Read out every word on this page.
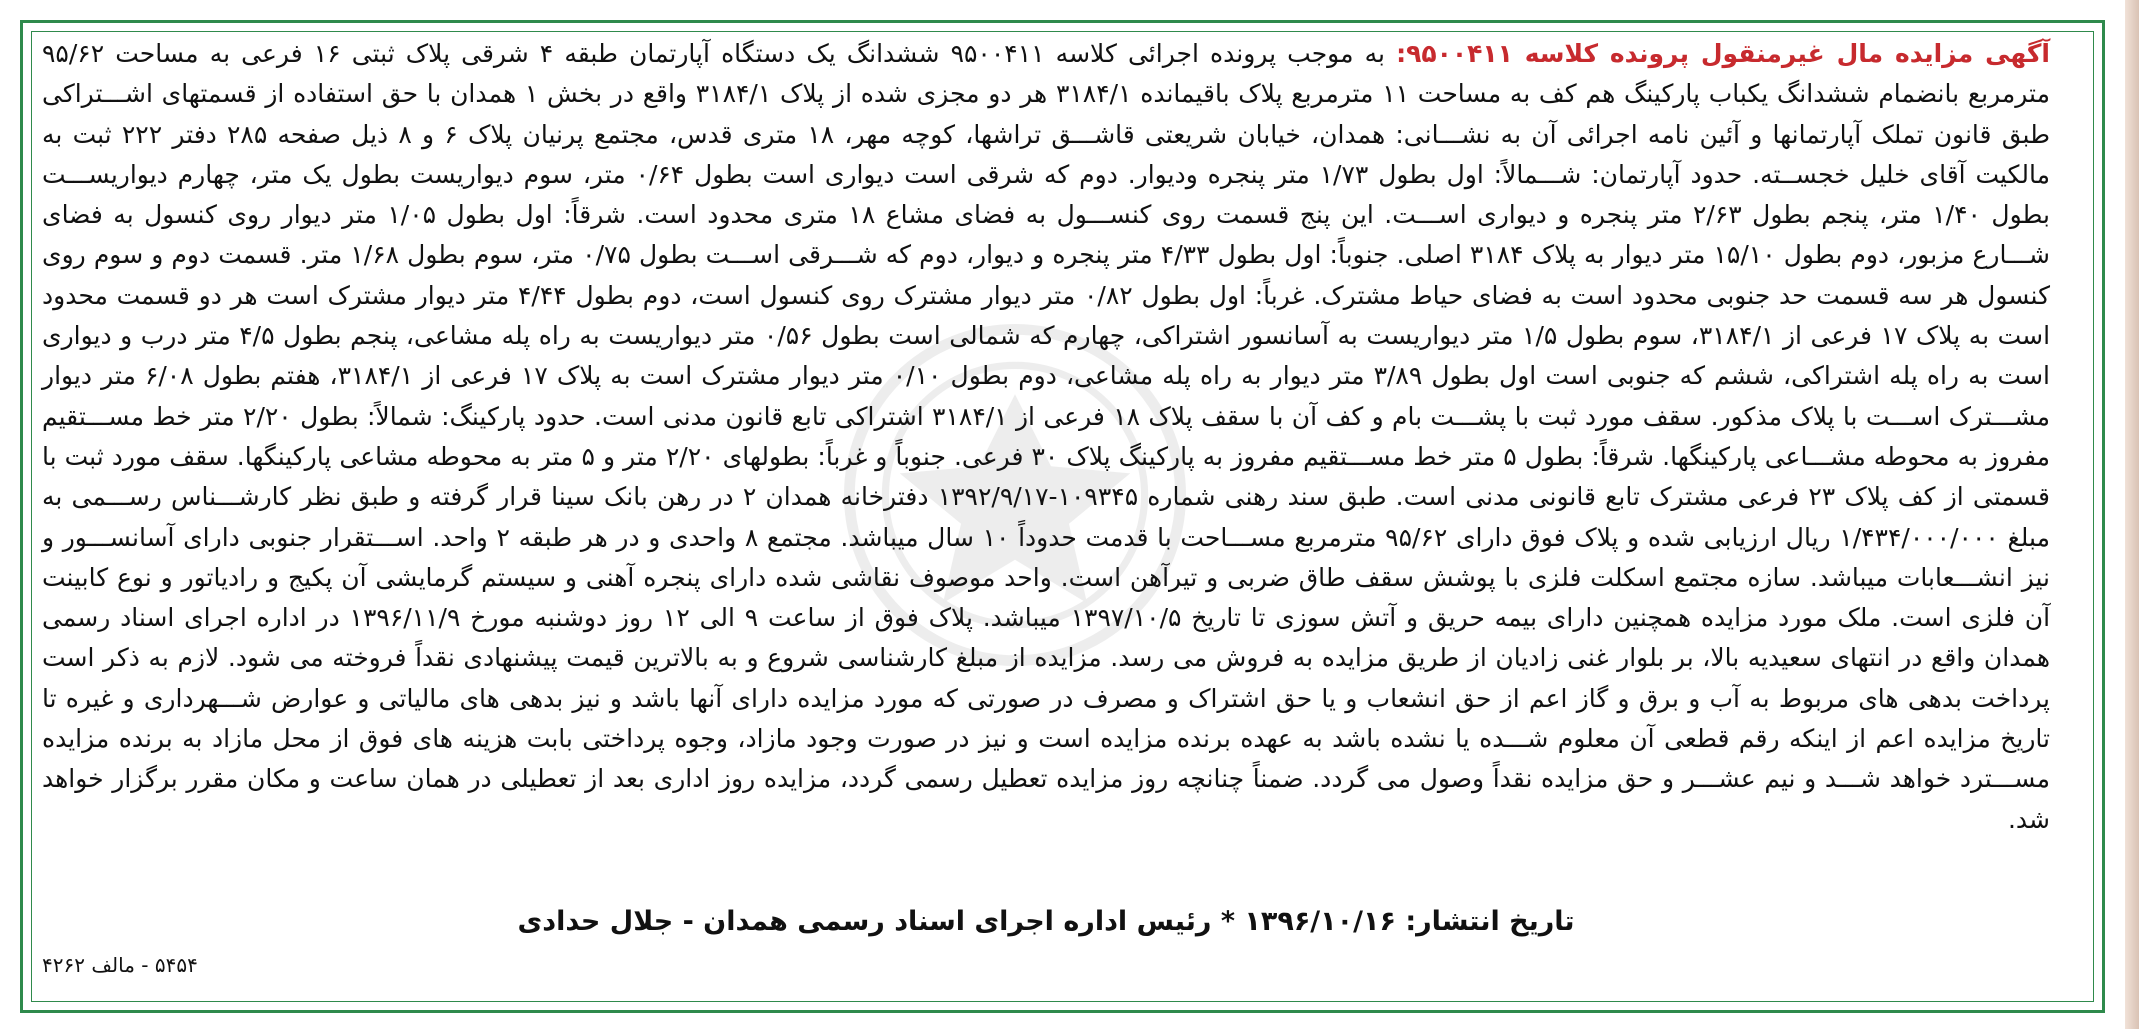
آگهی مزایده مال غیرمنقول پرونده کلاسه ۹۵۰۰۴۱۱: به موجب پرونده اجرائی کلاسه ۹۵۰۰۴۱۱ ششدانگ یک دستگاه آپارتمان طبقه ۴ شرقی پلاک ثبتی ۱۶ فرعی به مساحت ۹۵/۶۲ مترمربع بانضمام ششدانگ یکباب پارکینگ هم کف به مساحت ۱۱ مترمربع پلاک باقیمانده ۳۱۸۴/۱ هر دو مجزی شده از پلاک ۳۱۸۴/۱ واقع در بخش ۱ همدان با حق استفاده از قسمتهای اشـــتراکی طبق قانون تملک آپارتمانها و آئین نامه اجرائی آن به نشـــانی: همدان، خیابان شریعتی قاشـــق تراشها، کوچه مهر، ۱۸ متری قدس، مجتمع پرنیان پلاک ۶ و ۸ ذیل صفحه ۲۸۵ دفتر ۲۲۲ ثبت به مالکیت آقای خلیل خجســته. حدود آپارتمان: شـــمالاً: اول بطول ۱/۷۳ متر پنجره ودیوار. دوم که شرقی است دیواری است بطول ۰/۶۴ متر، سوم دیواریست بطول یک متر، چهارم دیواریســـت بطول ۱/۴۰ متر، پنجم بطول ۲/۶۳ متر پنجره و دیواری اســـت. این پنج قسمت روی کنســـول به فضای مشاع ۱۸ متری محدود است. شرقاً: اول بطول ۱/۰۵ متر دیوار روی کنسول به فضای شـــارع مزبور، دوم بطول ۱۵/۱۰ متر دیوار به پلاک ۳۱۸۴ اصلی. جنوباً: اول بطول ۴/۳۳ متر پنجره و دیوار، دوم که شـــرقی اســـت بطول ۰/۷۵ متر، سوم بطول ۱/۶۸ متر. قسمت دوم و سوم روی کنسول هر سه قسمت حد جنوبی محدود است به فضای حیاط مشترک. غرباً: اول بطول ۰/۸۲ متر دیوار مشترک روی کنسول است، دوم بطول ۴/۴۴ متر دیوار مشترک است هر دو قسمت محدود است به پلاک ۱۷ فرعی از ۳۱۸۴/۱، سوم بطول ۱/۵ متر دیواریست به آسانسور اشتراکی، چهارم که شمالی است بطول ۰/۵۶ متر دیواریست به راه پله مشاعی، پنجم بطول ۴/۵ متر درب و دیواری است به راه پله اشتراکی، ششم که جنوبی است اول بطول ۳/۸۹ متر دیوار به راه پله مشاعی، دوم بطول ۰/۱۰ متر دیوار مشترک است به پلاک ۱۷ فرعی از ۳۱۸۴/۱، هفتم بطول ۶/۰۸ متر دیوار مشـــترک اســـت با پلاک مذکور. سقف مورد ثبت با پشـــت بام و کف آن با سقف پلاک ۱۸ فرعی از ۳۱۸۴/۱ اشتراکی تابع قانون مدنی است. حدود پارکینگ: شمالاً: بطول ۲/۲۰ متر خط مســـتقیم مفروز به محوطه مشـــاعی پارکینگها. شرقاً: بطول ۵ متر خط مســـتقیم مفروز به پارکینگ پلاک ۳۰ فرعی. جنوباً و غرباً: بطولهای ۲/۲۰ متر و ۵ متر به محوطه مشاعی پارکینگها. سقف مورد ثبت با قسمتی از کف پلاک ۲۳ فرعی مشترک تابع قانونی مدنی است. طبق سند رهنی شماره ۱۰۹۳۴۵-۱۳۹۲/۹/۱۷ دفترخانه همدان ۲ در رهن بانک سینا قرار گرفته و طبق نظر کارشـــناس رســـمی به مبلغ ۱/۴۳۴/۰۰۰/۰۰۰ ریال ارزیابی شده و پلاک فوق دارای ۹۵/۶۲ مترمربع مســـاحت با قدمت حدوداً ۱۰ سال میباشد. مجتمع ۸ واحدی و در هر طبقه ۲ واحد. اســـتقرار جنوبی دارای آسانســـور و نیز انشـــعابات میباشد. سازه مجتمع اسکلت فلزی با پوشش سقف طاق ضربی و تیرآهن است. واحد موصوف نقاشی شده دارای پنجره آهنی و سیستم گرمایشی آن پکیج و رادیاتور و نوع کابینت آن فلزی است. ملک مورد مزایده همچنین دارای بیمه حریق و آتش سوزی تا تاریخ ۱۳۹۷/۱۰/۵ میباشد. پلاک فوق از ساعت ۹ الی ۱۲ روز دوشنبه مورخ ۱۳۹۶/۱۱/۹ در اداره اجرای اسناد رسمی همدان واقع در انتهای سعیدیه بالا، بر بلوار غنی زادیان از طریق مزایده به فروش می رسد. مزایده از مبلغ کارشناسی شروع و به بالاترین قیمت پیشنهادی نقداً فروخته می شود. لازم به ذکر است پرداخت بدهی های مربوط به آب و برق و گاز اعم از حق انشعاب و یا حق اشتراک و مصرف در صورتی که مورد مزایده دارای آنها باشد و نیز بدهی های مالیاتی و عوارض شـــهرداری و غیره تا تاریخ مزایده اعم از اینکه رقم قطعی آن معلوم شـــده یا نشده باشد به عهده برنده مزایده است و نیز در صورت وجود مازاد، وجوه پرداختی بابت هزینه های فوق از محل مازاد به برنده مزایده مســـترد خواهد شـــد و نیم عشـــر و حق مزایده نقداً وصول می گردد. ضمناً چنانچه روز مزایده تعطیل رسمی گردد، مزایده روز اداری بعد از تعطیلی در همان ساعت و مکان مقرر برگزار خواهد شد.

تاریخ انتشار: ۱۳۹۶/۱۰/۱۶ * رئیس اداره اجرای اسناد رسمی همدان - جلال حدادی
۵۴۵۴ - مالف ۴۲۶۲
